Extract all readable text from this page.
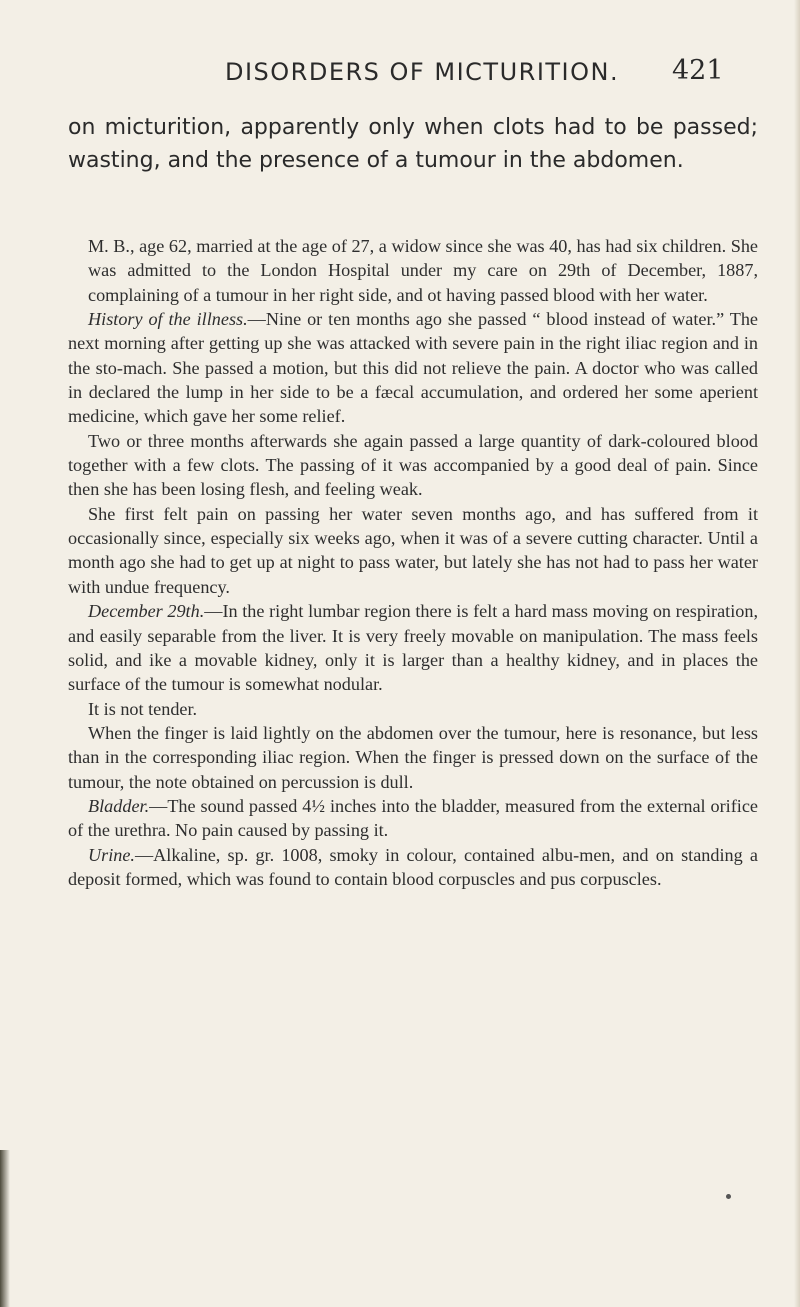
DISORDERS OF MICTURITION. 421

on micturition, apparently only when clots had to be passed; wasting, and the presence of a tumour in the abdomen.

M. B., age 62, married at the age of 27, a widow since she was 40, has had six children. She was admitted to the London Hospital under my care on 29th of December, 1887, complaining of a tumour in her right side, and ot having passed blood with her water.

History of the illness.—Nine or ten months ago she passed “ blood instead of water.” The next morning after getting up she was attacked with severe pain in the right iliac region and in the sto-mach. She passed a motion, but this did not relieve the pain. A doctor who was called in declared the lump in her side to be a fæcal accumulation, and ordered her some aperient medicine, which gave her some relief.

Two or three months afterwards she again passed a large quantity of dark-coloured blood together with a few clots. The passing of it was accompanied by a good deal of pain. Since then she has been losing flesh, and feeling weak.

She first felt pain on passing her water seven months ago, and has suffered from it occasionally since, especially six weeks ago, when it was of a severe cutting character. Until a month ago she had to get up at night to pass water, but lately she has not had to pass her water with undue frequency.

December 29th.—In the right lumbar region there is felt a hard mass moving on respiration, and easily separable from the liver. It is very freely movable on manipulation. The mass feels solid, and ike a movable kidney, only it is larger than a healthy kidney, and in places the surface of the tumour is somewhat nodular.

It is not tender.

When the finger is laid lightly on the abdomen over the tumour, here is resonance, but less than in the corresponding iliac region. When the finger is pressed down on the surface of the tumour, the note obtained on percussion is dull.

Bladder.—The sound passed 4½ inches into the bladder, measured from the external orifice of the urethra. No pain caused by passing it.

Urine.—Alkaline, sp. gr. 1008, smoky in colour, contained albu-men, and on standing a deposit formed, which was found to contain blood corpuscles and pus corpuscles.
